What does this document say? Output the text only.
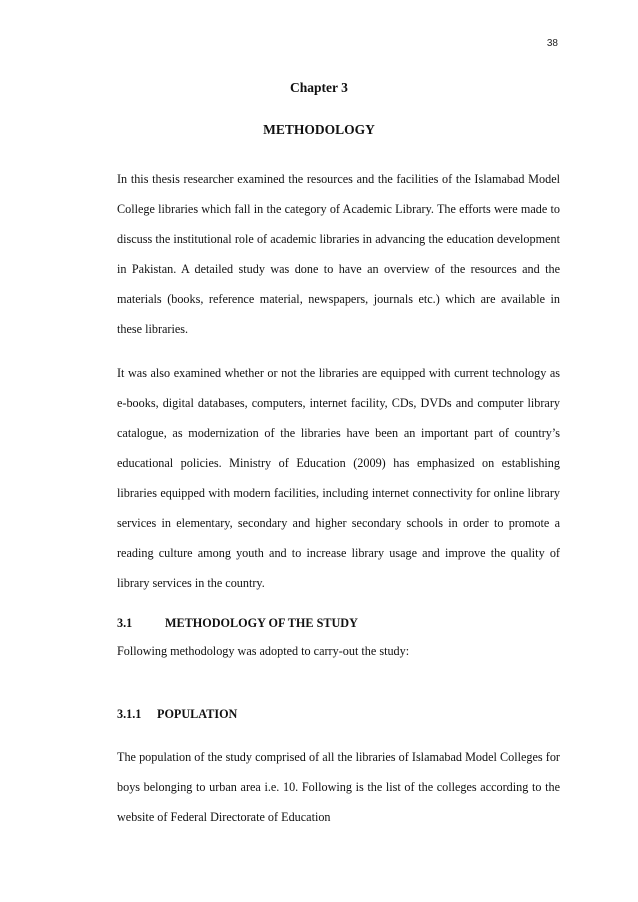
38
Chapter 3
METHODOLOGY

In this thesis researcher examined the resources and the facilities of the Islamabad Model College libraries which fall in the category of Academic Library. The efforts were made to discuss the institutional role of academic libraries in advancing the education development in Pakistan. A detailed study was done to have an overview of the resources and the materials (books, reference material, newspapers, journals etc.) which are available in these libraries.

It was also examined whether or not the libraries are equipped with current technology as e-books, digital databases, computers, internet facility, CDs, DVDs and computer library catalogue, as modernization of the libraries have been an important part of country’s educational policies. Ministry of Education (2009) has emphasized on establishing libraries equipped with modern facilities, including internet connectivity for online library services in elementary, secondary and higher secondary schools in order to promote a reading culture among youth and to increase library usage and improve the quality of library services in the country.

3.1	METHODOLOGY OF THE STUDY

Following methodology was adopted to carry-out the study:

3.1.1 POPULATION

The population of the study comprised of all the libraries of Islamabad Model Colleges for boys belonging to urban area i.e. 10. Following is the list of the colleges according to the website of Federal Directorate of Education
